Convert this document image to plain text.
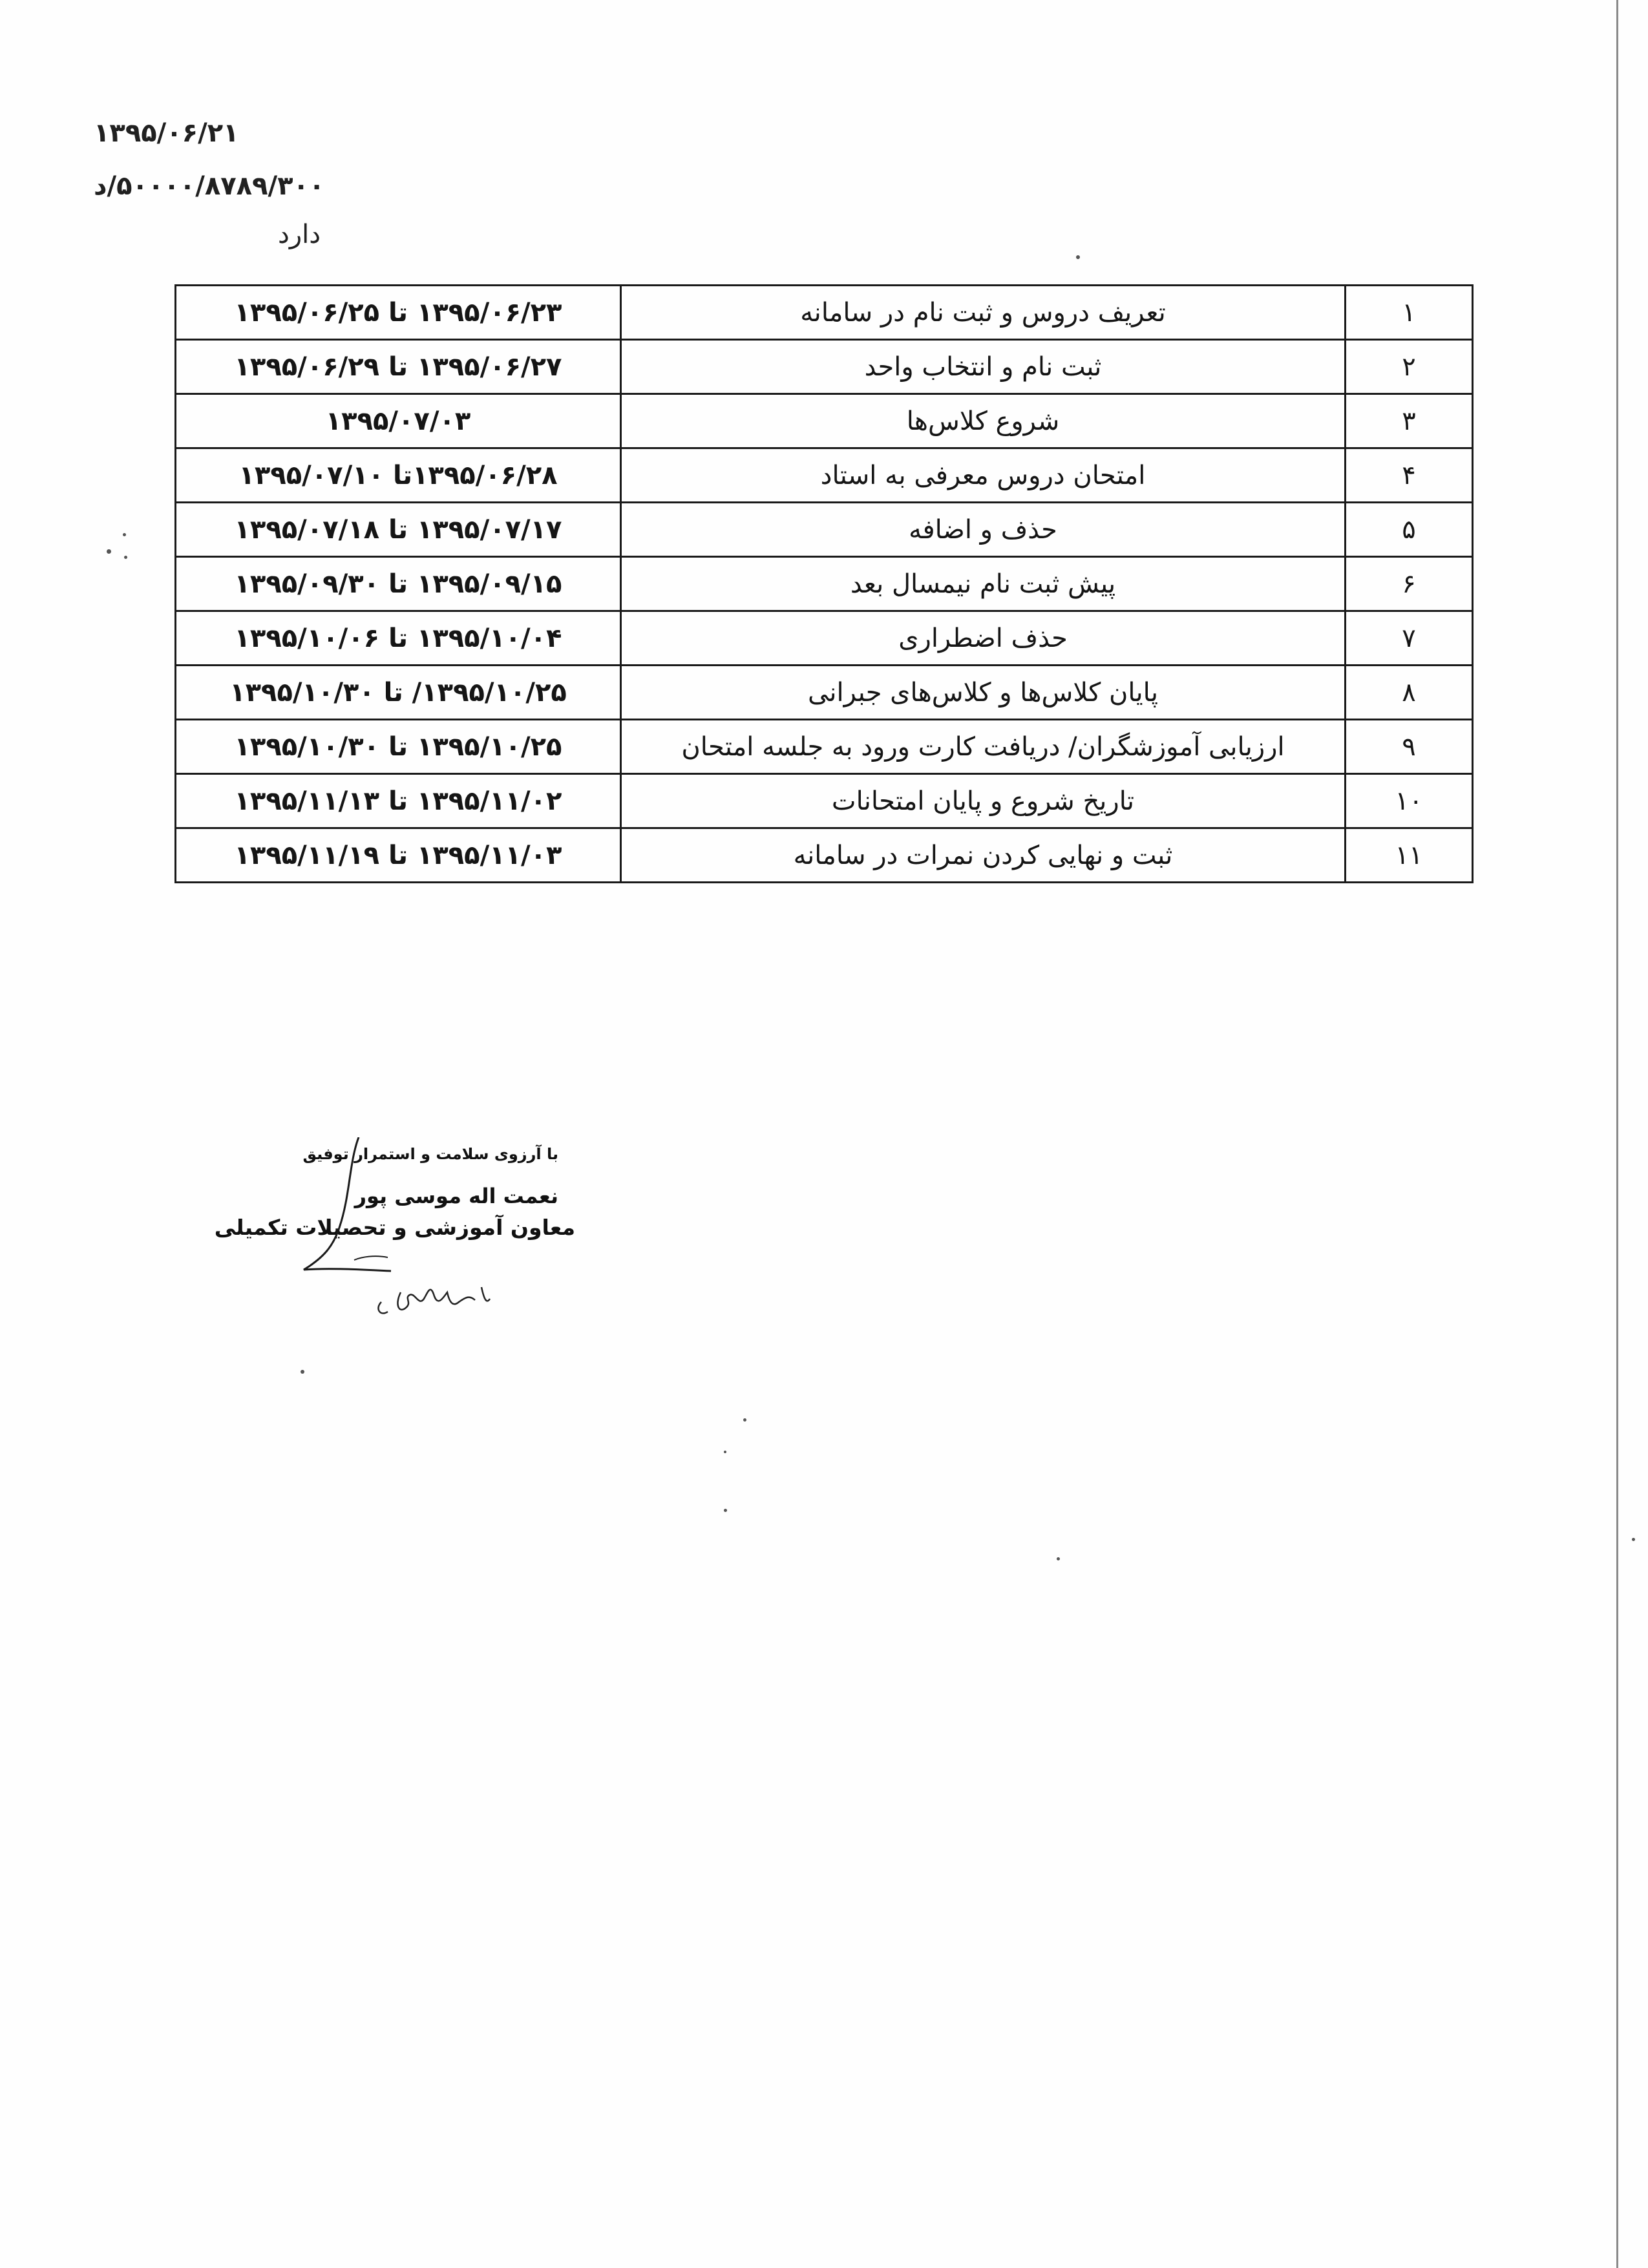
۱۳۹۵/۰۶/۲۱
۵۰۰۰۰/۸۷۸۹/۳۰۰/د
دارد
۱	تعریف دروس و ثبت نام در سامانه	۱۳۹۵/۰۶/۲۳ تا ۱۳۹۵/۰۶/۲۵
۲	ثبت نام و انتخاب واحد	۱۳۹۵/۰۶/۲۷ تا ۱۳۹۵/۰۶/۲۹
۳	شروع کلاس‌ها	۱۳۹۵/۰۷/۰۳
۴	امتحان دروس معرفی به استاد	۱۳۹۵/۰۶/۲۸تا ۱۳۹۵/۰۷/۱۰
۵	حذف و اضافه	۱۳۹۵/۰۷/۱۷ تا ۱۳۹۵/۰۷/۱۸
۶	پیش ثبت نام نیمسال بعد	۱۳۹۵/۰۹/۱۵ تا ۱۳۹۵/۰۹/۳۰
۷	حذف اضطراری	۱۳۹۵/۱۰/۰۴ تا ۱۳۹۵/۱۰/۰۶
۸	پایان کلاس‌ها و کلاس‌های جبرانی	۱۳۹۵/۱۰/۲۵/ تا ۱۳۹۵/۱۰/۳۰
۹	ارزیابی آموزشگران/ دریافت کارت ورود به جلسه امتحان	۱۳۹۵/۱۰/۲۵ تا ۱۳۹۵/۱۰/۳۰
۱۰	تاریخ شروع و پایان امتحانات	۱۳۹۵/۱۱/۰۲ تا ۱۳۹۵/۱۱/۱۳
۱۱	ثبت و نهایی کردن نمرات در سامانه	۱۳۹۵/۱۱/۰۳ تا ۱۳۹۵/۱۱/۱۹
با آرزوی سلامت و استمرار توفیق
نعمت اله موسی پور
معاون آموزشی و تحصیلات تکمیلی
